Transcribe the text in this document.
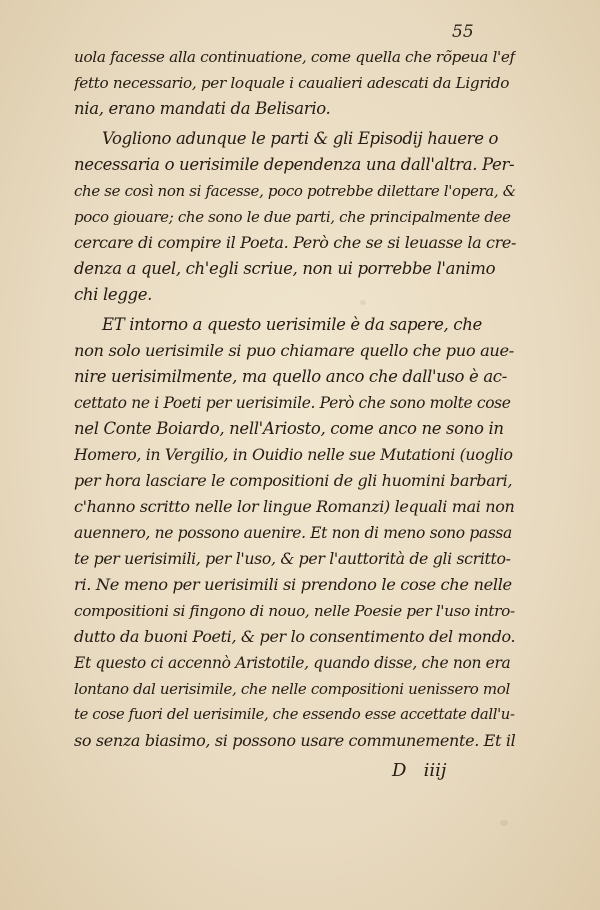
55
uola facesse alla continuatione, come quella che rõpeua l'ef
fetto necessario, per loquale i caualieri adescati da Ligrido
nia, erano mandati da Belisario.
Vogliono adunque le parti & gli Episodij hauere o
necessaria o uerisimile dependenza una dall'altra. Per-
che se così non si facesse, poco potrebbe dilettare l'opera, &
poco giouare; che sono le due parti, che principalmente dee
cercare di compire il Poeta. Però che se si leuasse la cre-
denza a quel, ch'egli scriue, non ui porrebbe l'animo
chi legge.
ET intorno a questo uerisimile è da sapere, che
non solo uerisimile si puo chiamare quello che puo aue-
nire uerisimilmente, ma quello anco che dall'uso è ac-
cettato ne i Poeti per uerisimile. Però che sono molte cose
nel Conte Boiardo, nell'Ariosto, come anco ne sono in
Homero, in Vergilio, in Ouidio nelle sue Mutationi (uoglio
per hora lasciare le compositioni de gli huomini barbari,
c'hanno scritto nelle lor lingue Romanzi) lequali mai non
auennero, ne possono auenire. Et non di meno sono passa
te per uerisimili, per l'uso, & per l'auttorità de gli scritto-
ri. Ne meno per uerisimili si prendono le cose che nelle
compositioni si fingono di nouo, nelle Poesie per l'uso intro-
dutto da buoni Poeti, & per lo consentimento del mondo.
Et questo ci accennò Aristotile, quando disse, che non era
lontano dal uerisimile, che nelle compositioni uenissero mol
te cose fuori del uerisimile, che essendo esse accettate dall'u-
so senza biasimo, si possono usare communemente. Et il
D   iiij
